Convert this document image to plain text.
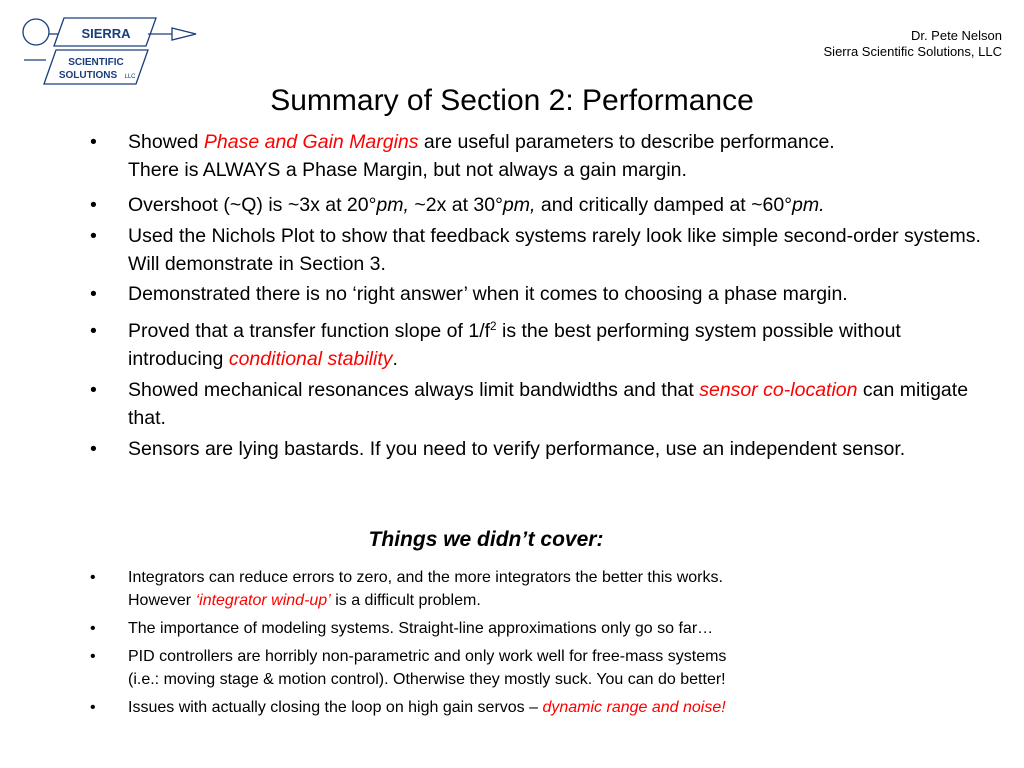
SIERRA
SCIENTIFIC
SOLUTIONS LLC
Dr. Pete Nelson
Sierra Scientific Solutions, LLC
Summary of Section 2: Performance
• Showed Phase and Gain Margins are useful parameters to describe performance.
There is ALWAYS a Phase Margin, but not always a gain margin.
• Overshoot (~Q) is ~3x at 20°pm, ~2x at 30°pm, and critically damped at ~60°pm.
• Used the Nichols Plot to show that feedback systems rarely look like simple second-order systems. Will demonstrate in Section 3.
• Demonstrated there is no ‘right answer’ when it comes to choosing a phase margin.
• Proved that a transfer function slope of $1/f^2$ is the best performing system possible without introducing conditional stability.
• Showed mechanical resonances always limit bandwidths and that sensor co-location can mitigate that.
• Sensors are lying bastards. If you need to verify performance, use an independent sensor.
Things we didn’t cover:
• Integrators can reduce errors to zero, and the more integrators the better this works.
However ‘integrator wind-up’ is a difficult problem.
• The importance of modeling systems. Straight-line approximations only go so far…
• PID controllers are horribly non-parametric and only work well for free-mass systems
(i.e.: moving stage & motion control). Otherwise they mostly suck. You can do better!
• Issues with actually closing the loop on high gain servos – dynamic range and noise!
